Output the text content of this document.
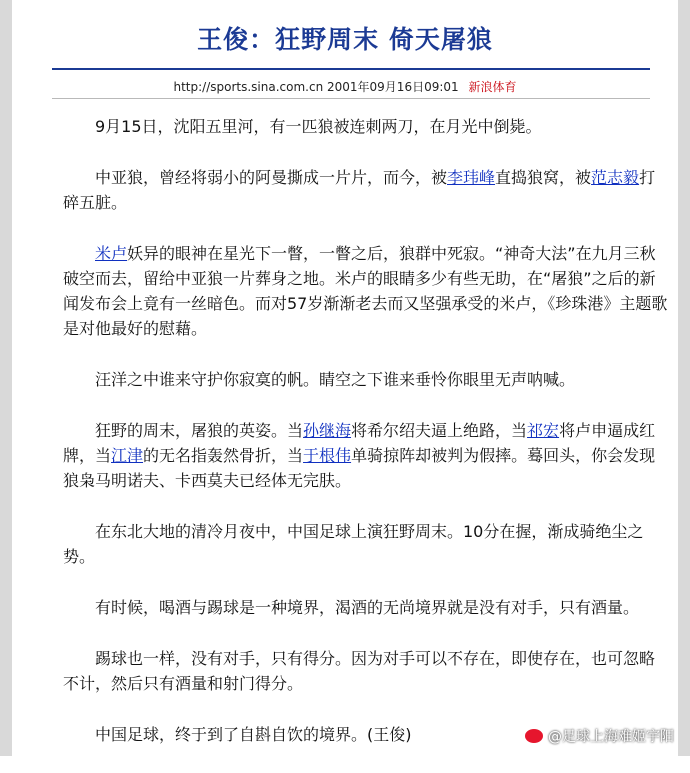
王俊：狂野周末 倚天屠狼
http://sports.sina.com.cn 2001年09月16日09:01 新浪体育

9月15日，沈阳五里河，有一匹狼被连刺两刀，在月光中倒毙。

中亚狼，曾经将弱小的阿曼撕成一片片，而今，被李玮峰直捣狼窝，被范志毅打碎五脏。

米卢妖异的眼神在星光下一瞥，一瞥之后，狼群中死寂。“神奇大法”在九月三秋破空而去，留给中亚狼一片葬身之地。米卢的眼睛多少有些无助，在“屠狼”之后的新闻发布会上竟有一丝暗色。而对57岁渐渐老去而又坚强承受的米卢，《珍珠港》主题歌是对他最好的慰藉。

汪洋之中谁来守护你寂寞的帆。睛空之下谁来垂怜你眼里无声呐喊。

狂野的周末，屠狼的英姿。当孙继海将希尔绍夫逼上绝路，当祁宏将卢申逼成红牌，当江津的无名指轰然骨折，当于根伟单骑掠阵却被判为假摔。蓦回头，你会发现狼枭马明诺夫、卡西莫夫已经体无完肤。

在东北大地的清冷月夜中，中国足球上演狂野周末。10分在握，渐成骑绝尘之势。

有时候，喝酒与踢球是一种境界，渴酒的无尚境界就是没有对手，只有酒量。

踢球也一样，没有对手，只有得分。因为对手可以不存在，即使存在，也可忽略不计，然后只有酒量和射门得分。

中国足球，终于到了自斟自饮的境界。(王俊)	@足球上海难姬宇阳
